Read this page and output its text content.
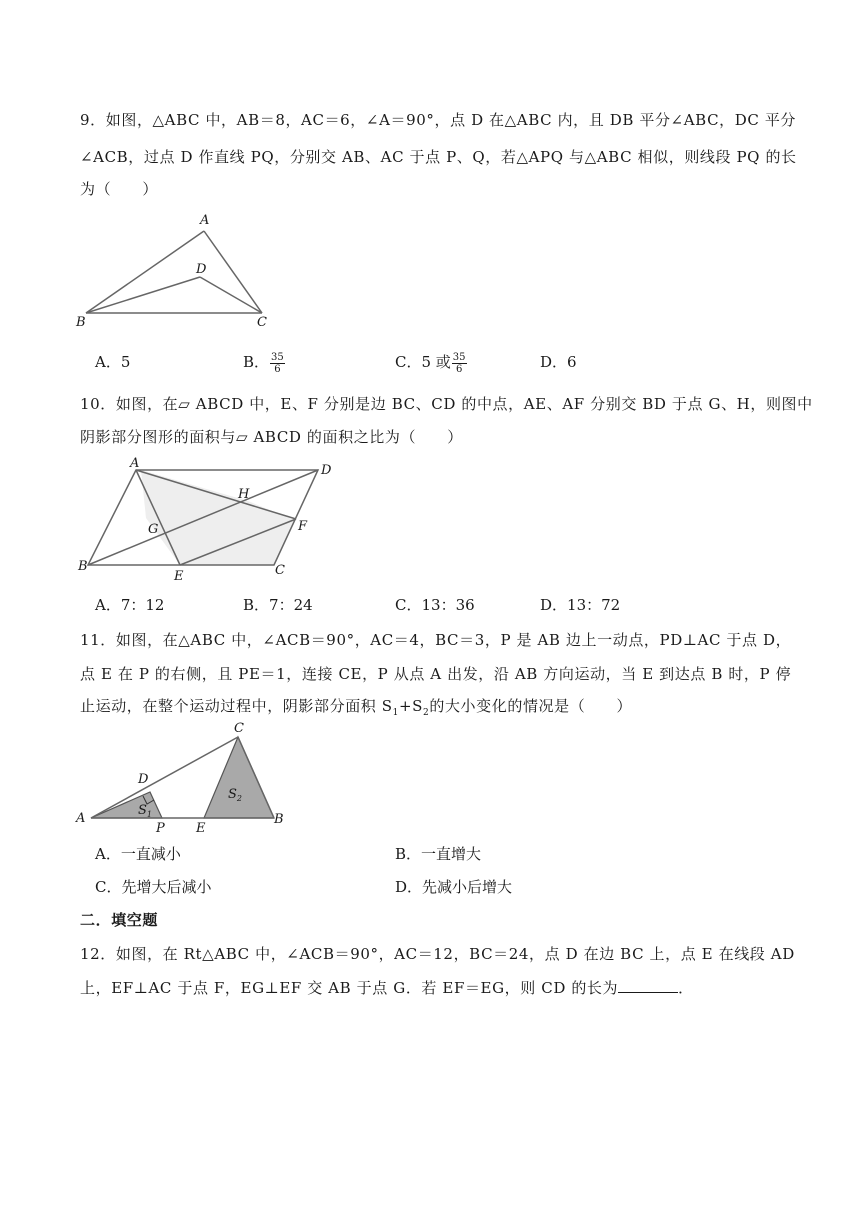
9．如图，△ABC 中，AB＝8，AC＝6，∠A＝90°，点 D 在△ABC 内，且 DB 平分∠ABC，DC 平分
∠ACB，过点 D 作直线 PQ，分别交 AB、AC 于点 P、Q，若△APQ 与△ABC 相似，则线段 PQ 的长
为（　　）
A
D
B	C
A．5	B． $\frac{35}{6}$	C．5 或 $\frac{35}{6}$	D．6
10．如图，在▱ ABCD 中，E、F 分别是边 BC、CD 的中点，AE、AF 分别交 BD 于点 G、H，则图中
阴影部分图形的面积与▱ ABCD 的面积之比为（　　）
A	D
H
F
G
B
E	C
A．7：12	B．7：24	C．13：36	D．13：72
11．如图，在△ABC 中，∠ACB＝90°，AC＝4，BC＝3，P 是 AB 边上一动点，PD⊥AC 于点 D，
点 E 在 P 的右侧，且 PE＝1，连接 CE，P 从点 A 出发，沿 AB 方向运动，当 E 到达点 B 时，P 停
止运动，在整个运动过程中，阴影部分面积 $S_1+S_2$的大小变化的情况是（　　）
C
D
$S_2$
$S_1$
A
P E
B
A．一直减小	B．一直增大
C．先增大后减小	D．先减小后增大
二．填空题
12．如图，在 Rt△ABC 中，∠ACB＝90°，AC＝12，BC＝24，点 D 在边 BC 上，点 E 在线段 AD
上，EF⊥AC 于点 F，EG⊥EF 交 AB 于点 G．若 EF＝EG，则 CD 的长为	．
